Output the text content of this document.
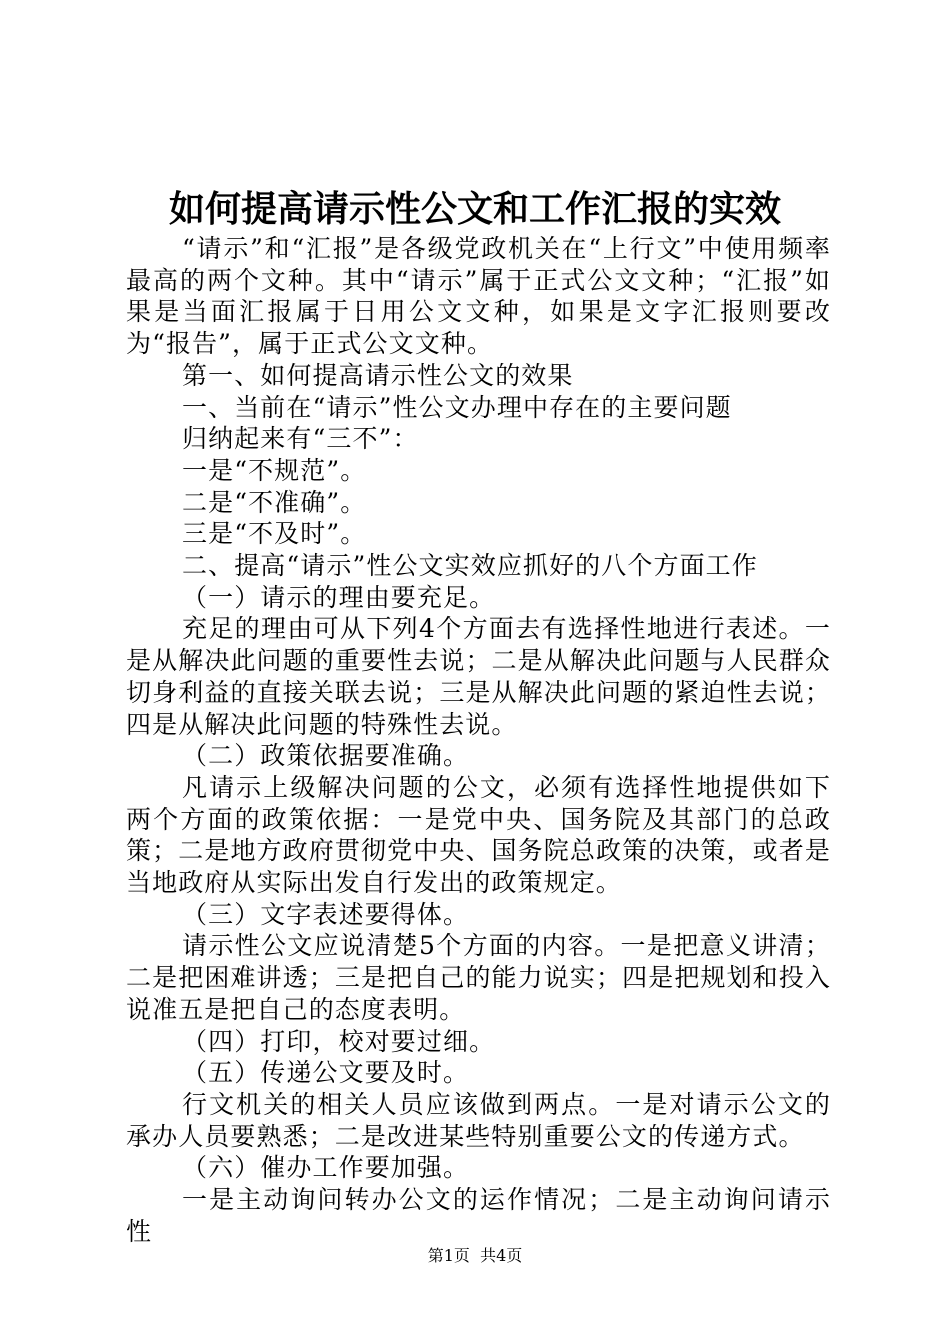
如何提高请示性公文和工作汇报的实效

“请示”和“汇报”是各级党政机关在“上行文”中使用频率最高的两个文种。其中“请示”属于正式公文文种；“汇报”如果是当面汇报属于日用公文文种，如果是文字汇报则要改为“报告”，属于正式公文文种。

第一、如何提高请示性公文的效果

一、当前在“请示”性公文办理中存在的主要问题

归纳起来有“三不”：

一是“不规范”。

二是“不准确”。

三是“不及时”。

二、提高“请示”性公文实效应抓好的八个方面工作

（一）请示的理由要充足。

充足的理由可从下列4个方面去有选择性地进行表述。一是从解决此问题的重要性去说；二是从解决此问题与人民群众切身利益的直接关联去说；三是从解决此问题的紧迫性去说；四是从解决此问题的特殊性去说。

（二）政策依据要准确。

凡请示上级解决问题的公文，必须有选择性地提供如下两个方面的政策依据：一是党中央、国务院及其部门的总政策；二是地方政府贯彻党中央、国务院总政策的决策，或者是当地政府从实际出发自行发出的政策规定。

（三）文字表述要得体。

请示性公文应说清楚5个方面的内容。一是把意义讲清；二是把困难讲透；三是把自己的能力说实；四是把规划和投入说准五是把自己的态度表明。

（四）打印，校对要过细。

（五）传递公文要及时。

行文机关的相关人员应该做到两点。一是对请示公文的承办人员要熟悉；二是改进某些特别重要公文的传递方式。

（六）催办工作要加强。

一是主动询问转办公文的运作情况；二是主动询问请示性

第1页 共4页
